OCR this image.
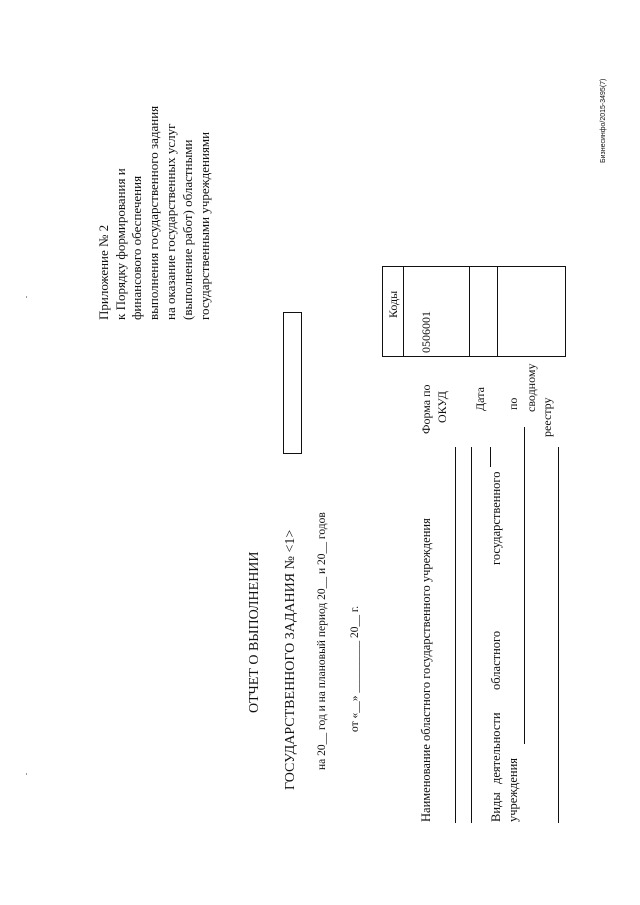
Приложение № 2 к Порядку формирования и финансового обеспечения выполнения государственного задания на оказание государственных услуг (выполнение работ) областными государственными учреждениями
ОТЧЕТ О ВЫПОЛНЕНИИ ГОСУДАРСТВЕННОГО ЗАДАНИЯ № <1> на 20__ год и на плановый период 20__ и 20__ годов от «__» _________ 20__ г.
Коды
0506001
Форма по ОКУД Дата по сводному
реестру
Наименование областного государственного учреждения	Виды
деятельности
областного
государственного
учреждения
Бизнесинфо/2015-3495(7)
